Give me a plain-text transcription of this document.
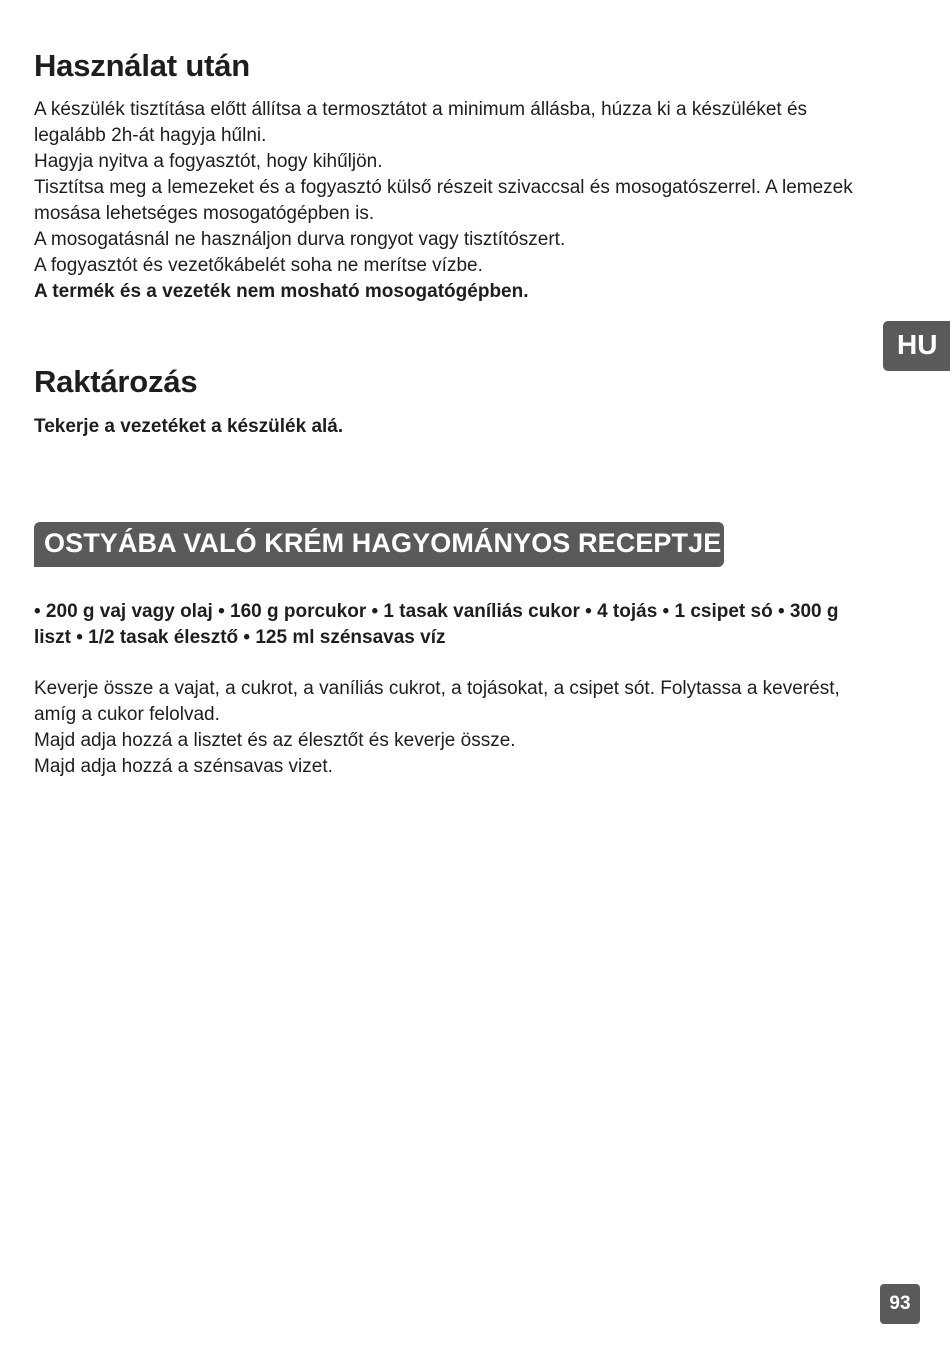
Használat után

A készülék tisztítása előtt állítsa a termosztátot a minimum állásba, húzza ki a készüléket és legalább 2h-át hagyja hűlni.

Hagyja nyitva a fogyasztót, hogy kihűljön.

Tisztítsa meg a lemezeket és a fogyasztó külső részeit szivaccsal és mosogatószerrel. A lemezek mosása lehetséges mosogatógépben is.

A mosogatásnál ne használjon durva rongyot vagy tisztítószert.

A fogyasztót és vezetőkábelét soha ne merítse vízbe.

A termék és a vezeték nem mosható mosogatógépben.

Raktározás

Tekerje a vezetéket a készülék alá.

OSTYÁBA VALÓ KRÉM HAGYOMÁNYOS RECEPTJE

• 200 g vaj vagy olaj • 160 g porcukor • 1 tasak vaníliás cukor • 4 tojás • 1 csipet só • 300 g liszt • 1/2 tasak élesztő • 125 ml szénsavas víz

Keverje össze a vajat, a cukrot, a vaníliás cukrot, a tojásokat, a csipet sót. Folytassa a keverést, amíg a cukor felolvad.

Majd adja hozzá a lisztet és az élesztőt és keverje össze.

Majd adja hozzá a szénsavas vizet.

HU
93
